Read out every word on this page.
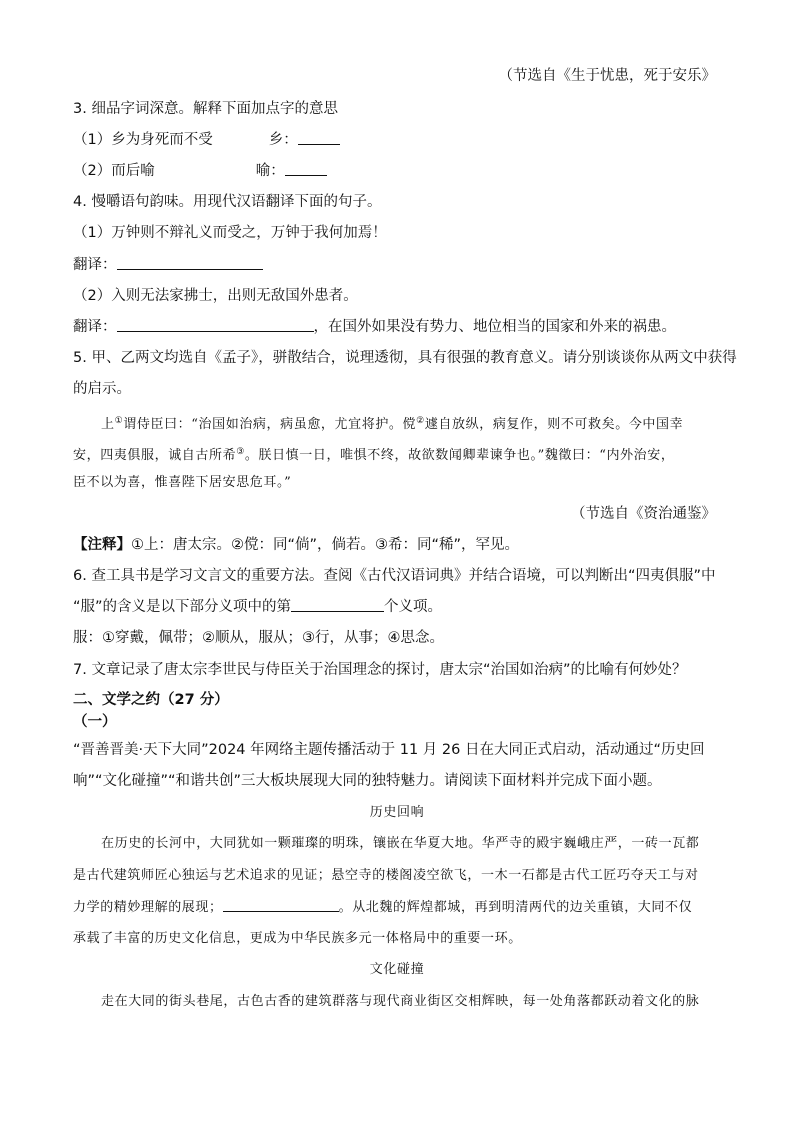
（节选自《生于忧患，死于安乐》
3. 细品字词深意。解释下面加点字的意思
（1）乡为身死而不受	乡：
（2）而后喻	喻：
4. 慢嚼语句韵味。用现代汉语翻译下面的句子。
（1）万钟则不辩礼义而受之，万钟于我何加焉！
翻译：
（2）入则无法家拂士，出则无敌国外患者。
翻译：	，在国外如果没有势力、地位相当的国家和外来的祸患。
5. 甲、乙两文均选自《孟子》，骈散结合，说理透彻，具有很强的教育意义。请分别谈谈你从两文中获得
的启示。
上①谓侍臣曰：“治国如治病，病虽愈，尤宜将护。傥②遽自放纵，病复作，则不可救矣。今中国幸
安，四夷俱服，诚自古所希③。朕日慎一日，唯惧不终，故欲数闻卿辈谏争也。”魏徵曰：“内外治安，
臣不以为喜，惟喜陛下居安思危耳。”
（节选自《资治通鉴》
【注释】①上：唐太宗。②傥：同“倘”，倘若。③希：同“稀”，罕见。
6. 查工具书是学习文言文的重要方法。查阅《古代汉语词典》并结合语境，可以判断出“四夷俱服”中
“服”的含义是以下部分义项中的第	个义项。
服：①穿戴，佩带；②顺从，服从；③行，从事；④思念。
7. 文章记录了唐太宗李世民与侍臣关于治国理念的探讨，唐太宗“治国如治病”的比喻有何妙处？
二、文学之约（27 分）
（一）
“晋善晋美·天下大同”2024 年网络主题传播活动于 11 月 26 日在大同正式启动，活动通过“历史回
响”“文化碰撞”“和谐共创”三大板块展现大同的独特魅力。请阅读下面材料并完成下面小题。
历史回响
在历史的长河中，大同犹如一颗璀璨的明珠，镶嵌在华夏大地。华严寺的殿宇巍峨庄严，一砖一瓦都
是古代建筑师匠心独运与艺术追求的见证；悬空寺的楼阁凌空欲飞，一木一石都是古代工匠巧夺天工与对
力学的精妙理解的展现；	。从北魏的辉煌都城，再到明清两代的边关重镇，大同不仅
承载了丰富的历史文化信息，更成为中华民族多元一体格局中的重要一环。
文化碰撞
走在大同的街头巷尾，古色古香的建筑群落与现代商业街区交相辉映，每一处角落都跃动着文化的脉
